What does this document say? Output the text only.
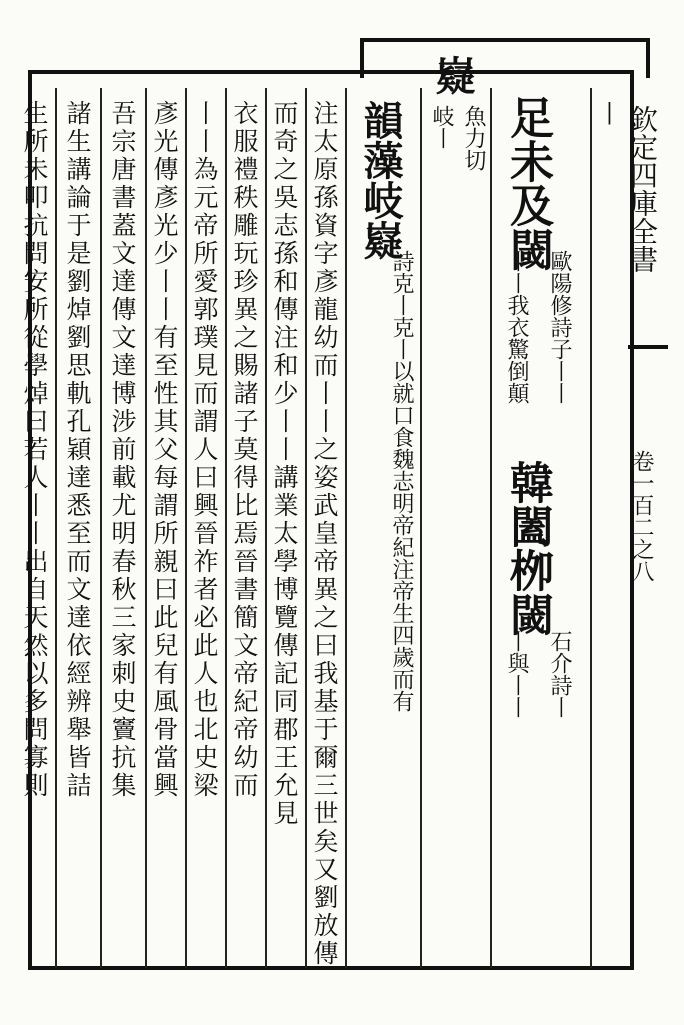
欽定四庫全書
卷一百二之八
|
足未及閾
歐陽修詩子丨丨
丨丨我衣驚倒顛
韓闔栁閾
石介詩丨
丨與丨丨
嶷
魚力切
岐丨
韻藻岐嶷
詩克丨克丨以就口食魏志明帝紀注帝生四歲而有
注太原孫資字彥龍幼而丨丨之姿武皇帝異之曰我基于爾三世矣又劉放傳
而奇之吳志孫和傳注和少丨丨講業太學博覽傳記同郡王允見
衣服禮秩雕玩珍異之賜諸子莫得比焉晉書簡文帝紀帝幼而
丨丨為元帝所愛郭璞見而謂人曰興晉祚者必此人也北史梁
彥光傳彥光少丨丨有至性其父每謂所親曰此兒有風骨當興
吾宗唐書蓋文達傳文達博涉前載尤明春秋三家刺史竇抗集
諸生講論于是劉焯劉思軌孔穎達悉至而文達依經辨舉皆詰
生所未叩抗問安所從學焯曰若人丨丨出自天然以多問寡則
